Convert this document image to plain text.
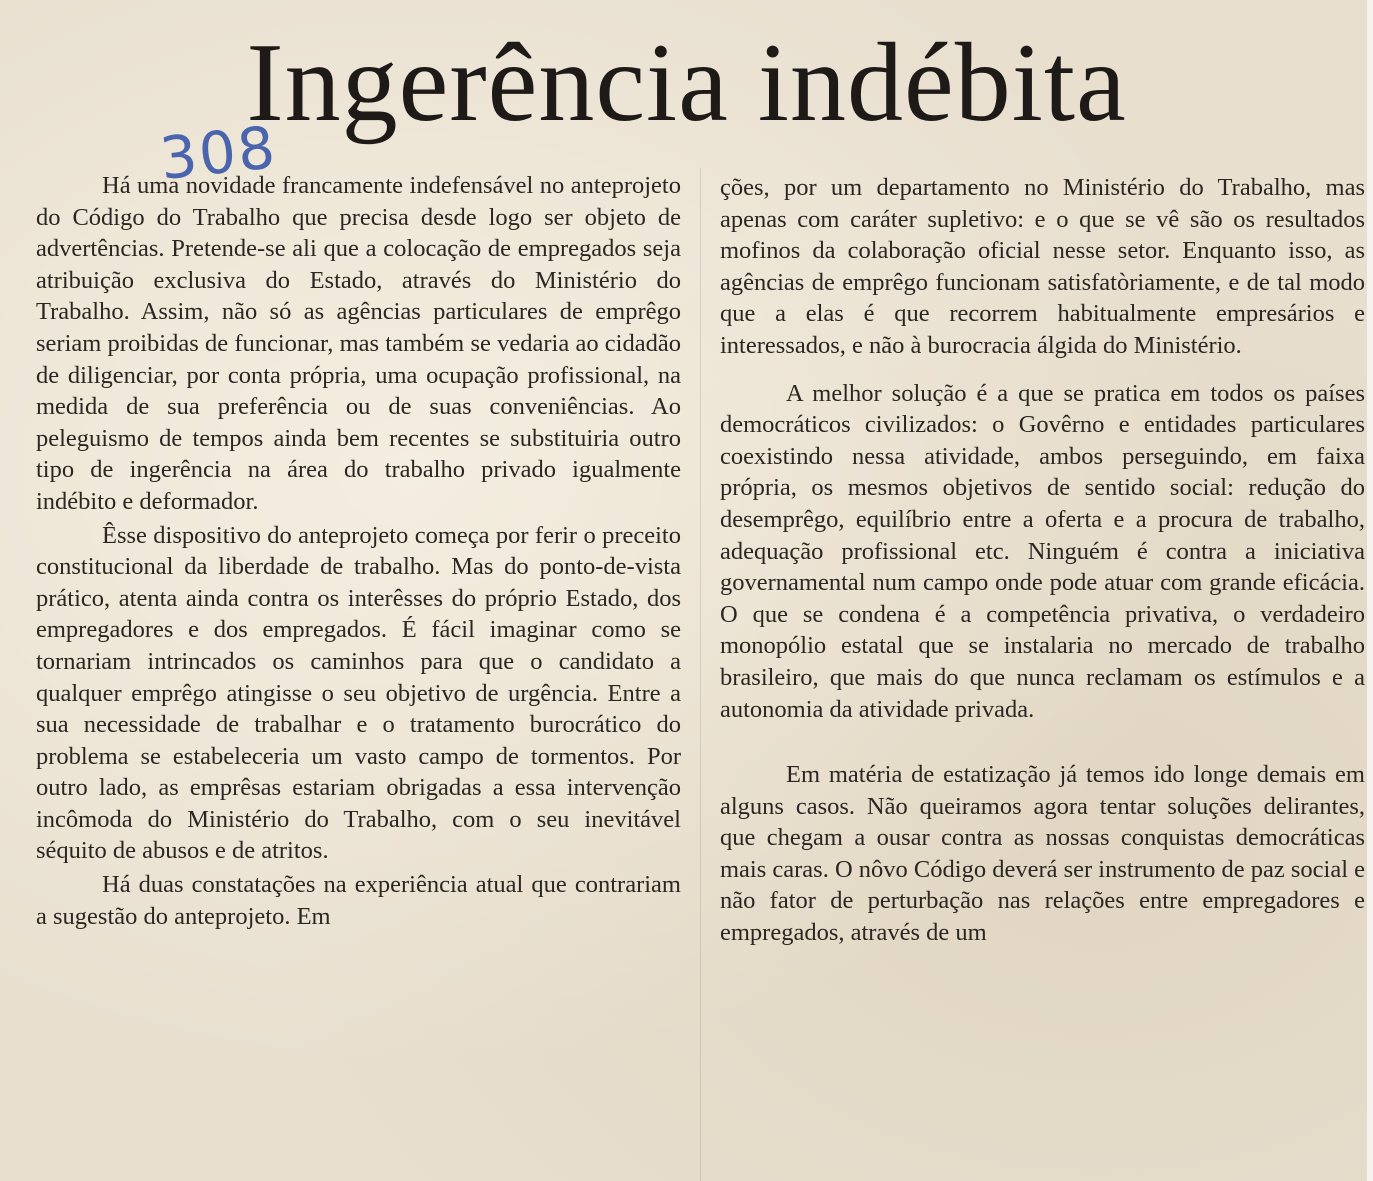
Ingerência indébita
308

Há uma novidade francamente indefensável no anteprojeto do Código do Trabalho que precisa desde logo ser objeto de advertências. Pretende-se ali que a colocação de empregados seja atribuição exclusiva do Estado, através do Ministério do Trabalho. Assim, não só as agências particulares de emprêgo seriam proibidas de funcionar, mas também se vedaria ao cidadão de diligenciar, por conta própria, uma ocupação profissional, na medida de sua preferência ou de suas conveniências. Ao peleguismo de tempos ainda bem recentes se substituiria outro tipo de ingerência na área do trabalho privado igualmente indébito e deformador.

Êsse dispositivo do anteprojeto começa por ferir o preceito constitucional da liberdade de trabalho. Mas do ponto-de-vista prático, atenta ainda contra os interêsses do próprio Estado, dos empregadores e dos empregados. É fácil imaginar como se tornariam intrincados os caminhos para que o candidato a qualquer emprêgo atingisse o seu objetivo de urgência. Entre a sua necessidade de trabalhar e o tratamento burocrático do problema se estabeleceria um vasto campo de tormentos. Por outro lado, as emprêsas estariam obrigadas a essa intervenção incômoda do Ministério do Trabalho, com o seu inevitável séquito de abusos e de atritos.

Há duas constatações na experiência atual que contrariam a sugestão do anteprojeto. Em

ções, por um departamento no Ministério do Trabalho, mas apenas com caráter supletivo: e o que se vê são os resultados mofinos da colaboração oficial nesse setor. Enquanto isso, as agências de emprêgo funcionam satisfatòriamente, e de tal modo que a elas é que recorrem habitualmente empresários e interessados, e não à burocracia álgida do Ministério.

A melhor solução é a que se pratica em todos os países democráticos civilizados: o Govêrno e entidades particulares coexistindo nessa atividade, ambos perseguindo, em faixa própria, os mesmos objetivos de sentido social: redução do desemprêgo, equilíbrio entre a oferta e a procura de trabalho, adequação profissional etc. Ninguém é contra a iniciativa governamental num campo onde pode atuar com grande eficácia. O que se condena é a competência privativa, o verdadeiro monopólio estatal que se instalaria no mercado de trabalho brasileiro, que mais do que nunca reclamam os estímulos e a autonomia da atividade privada.

Em matéria de estatização já temos ido longe demais em alguns casos. Não queiramos agora tentar soluções delirantes, que chegam a ousar contra as nossas conquistas democráticas mais caras. O nôvo Código deverá ser instrumento de paz social e não fator de perturbação nas relações entre empregadores e empregados, através de um
